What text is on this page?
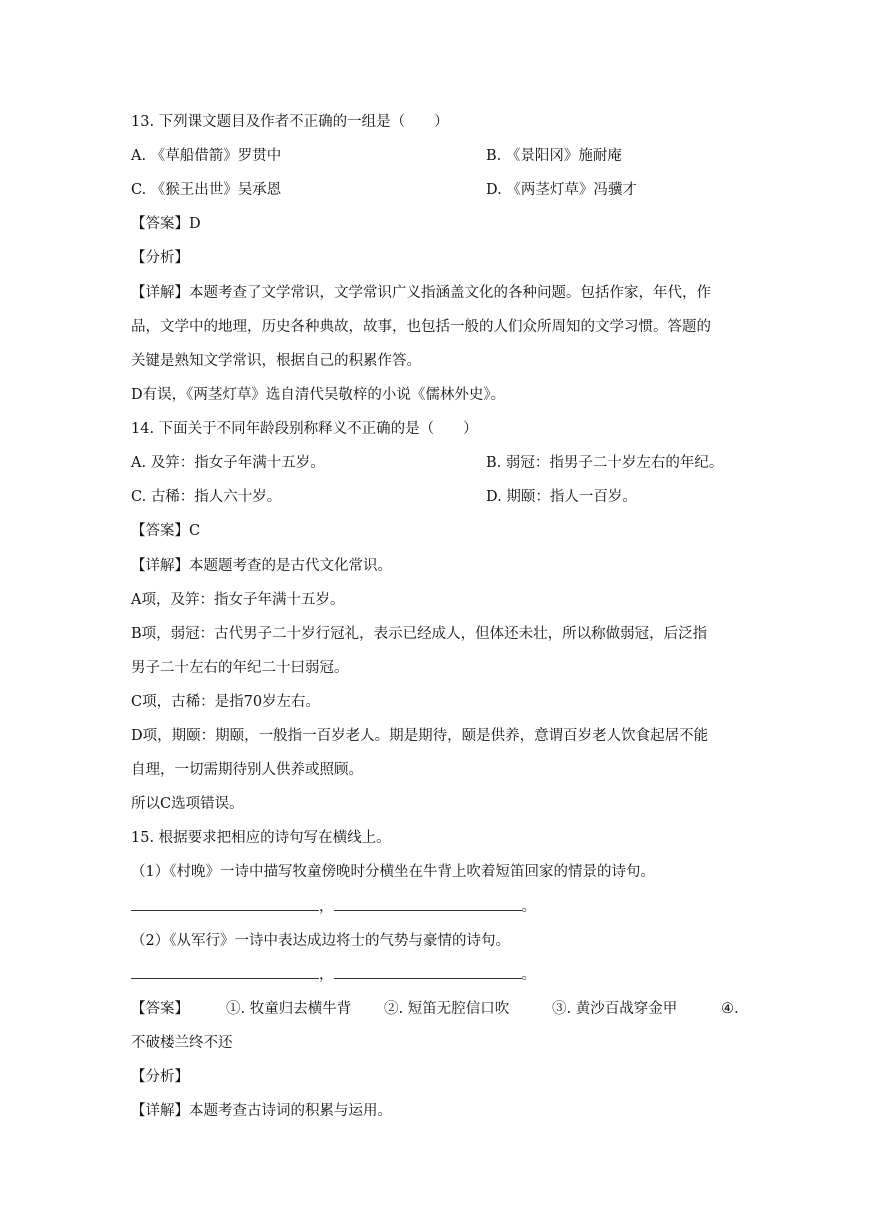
13. 下列课文题目及作者不正确的一组是（　　）
A. 《草船借箭》罗贯中	B. 《景阳冈》施耐庵
C. 《猴王出世》吴承恩	D. 《两茎灯草》冯骥才
【答案】D
【分析】
【详解】本题考查了文学常识，文学常识广义指涵盖文化的各种问题。包括作家，年代，作
品，文学中的地理，历史各种典故，故事，也包括一般的人们众所周知的文学习惯。答题的
关键是熟知文学常识，根据自己的积累作答。
D有误，《两茎灯草》选自清代吴敬梓的小说《儒林外史》。
14. 下面关于不同年龄段别称释义不正确的是（　　）
A. 及笄：指女子年满十五岁。	B. 弱冠：指男子二十岁左右的年纪。
C. 古稀：指人六十岁。	D. 期颐：指人一百岁。
【答案】C
【详解】本题题考查的是古代文化常识。
A项，及笄：指女子年满十五岁。
B项，弱冠：古代男子二十岁行冠礼，表示已经成人，但体还未壮，所以称做弱冠，后泛指
男子二十左右的年纪二十曰弱冠。
C项，古稀：是指70岁左右。
D项，期颐：期颐，一般指一百岁老人。期是期待，颐是供养，意谓百岁老人饮食起居不能
自理，一切需期待别人供养或照顾。
所以C选项错误。
15. 根据要求把相应的诗句写在横线上。
（1）《村晚》一诗中描写牧童傍晚时分横坐在牛背上吹着短笛回家的情景的诗句。
，	。
（2）《从军行》一诗中表达成边将士的气势与豪情的诗句。
，	。
【答案】	①. 牧童归去横牛背 ②. 短笛无腔信口吹	③. 黄沙百战穿金甲	④.
不破楼兰终不还
【分析】
【详解】本题考查古诗词的积累与运用。
